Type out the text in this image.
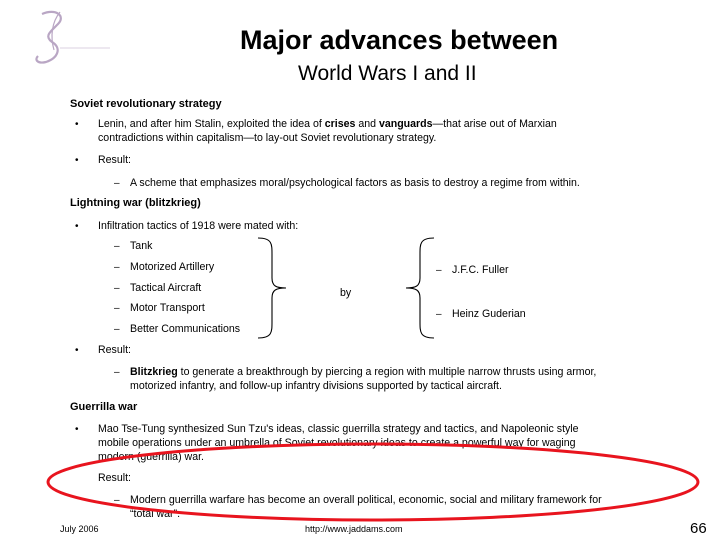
Major advances between
World Wars I and II
Soviet revolutionary strategy
• Lenin, and after him Stalin, exploited the idea of crises and vanguards—that arise out of Marxian
contradictions within capitalism—to lay-out Soviet revolutionary strategy.
• Result:
– A scheme that emphasizes moral/psychological factors as basis to destroy a regime from within.
Lightning war (blitzkrieg)
• Infiltration tactics of 1918 were mated with:
– Tank
– Motorized Artillery
– Tactical Aircraft
– Motor Transport
– Better Communications
by
– J.F.C. Fuller
– Heinz Guderian
• Result:
– Blitzkrieg to generate a breakthrough by piercing a region with multiple narrow thrusts using armor,
motorized infantry, and follow-up infantry divisions supported by tactical aircraft.
Guerrilla war
• Mao Tse-Tung synthesized Sun Tzu's ideas, classic guerrilla strategy and tactics, and Napoleonic style
mobile operations under an umbrella of Soviet revolutionary ideas to create a powerful way for waging
modern (guerrilla) war.
Result:
– Modern guerrilla warfare has become an overall political, economic, social and military framework for
“total war”.
July 2006	http://www.jaddams.com	66
